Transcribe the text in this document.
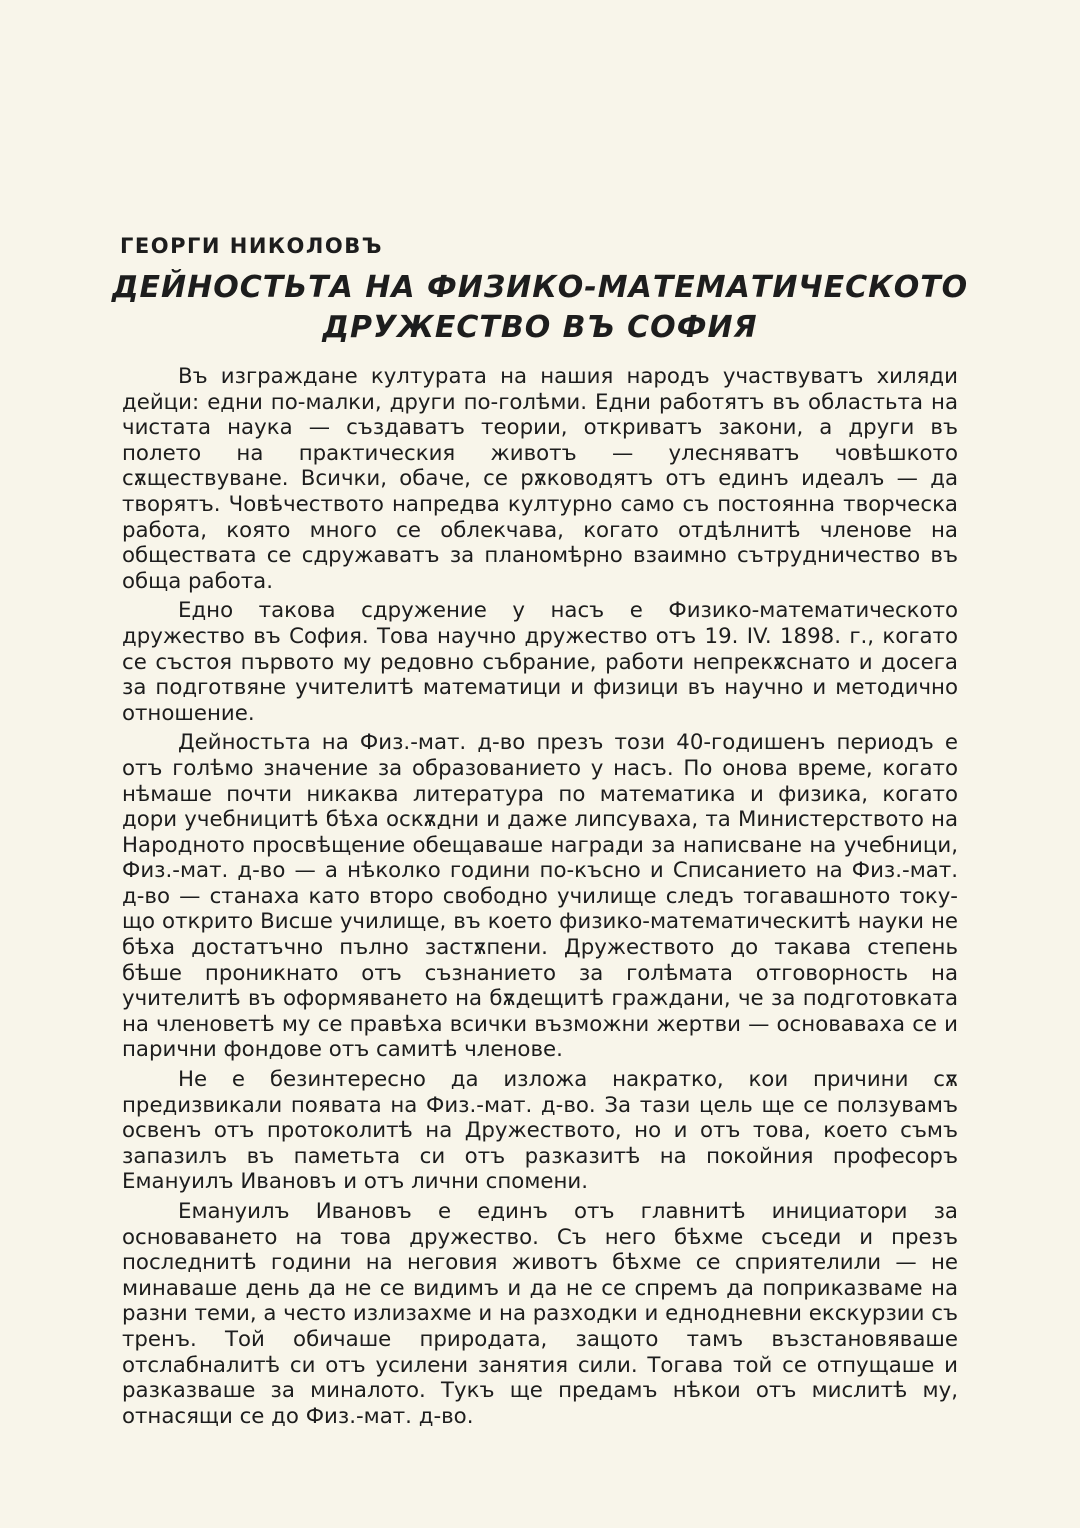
ГЕОРГИ НИКОЛОВЪ
ДЕЙНОСТЬТА НА ФИЗИКО-МАТЕМАТИЧЕСКОТО
ДРУЖЕСТВО ВЪ СОФИЯ

Въ изграждане културата на нашия народъ участвуватъ хиляди дейци: едни по-малки, други по-голѣми. Едни работятъ въ областьта на чистата наука — създаватъ теории, откриватъ закони, а други въ полето на практическия животъ — улесняватъ човѣшкото сѫществуване. Всички, обаче, се рѫководятъ отъ единъ идеалъ — да творятъ. Човѣчеството напредва културно само съ постоянна творческа работа, която много се облекчава, когато отдѣлнитѣ членове на обществата се сдружаватъ за планомѣрно взаимно сътрудничество въ обща работа.

Едно такова сдружение у насъ е Физико-математическото дружество въ София. Това научно дружество отъ 19. IV. 1898. г., когато се състоя първото му редовно събрание, работи непрекѫснато и досега за подготвяне учителитѣ математици и физици въ научно и методично отношение.

Дейностьта на Физ.-мат. д-во презъ този 40-годишенъ периодъ е отъ голѣмо значение за образованието у насъ. По онова време, когато нѣмаше почти никаква литература по математика и физика, когато дори учебницитѣ бѣха оскѫдни и даже липсуваха, та Министерството на Народното просвѣщение обещаваше награди за написване на учебници, Физ.-мат. д-во — а нѣколко години по-късно и Списанието на Физ.-мат. д-во — станаха като второ свободно училище следъ тогавашното току-що открито Висше училище, въ което физико-математическитѣ науки не бѣха достатъчно пълно застѫпени. Дружеството до такава степень бѣше проникнато отъ съзнанието за голѣмата отговорность на учителитѣ въ оформяването на бѫдещитѣ граждани, че за подготовката на членоветѣ му се правѣха всички възможни жертви — основаваха се и парични фондове отъ самитѣ членове.

Не е безинтересно да изложа накратко, кои причини сѫ предизвикали появата на Физ.-мат. д-во. За тази цель ще се ползувамъ освенъ отъ протоколитѣ на Дружеството, но и отъ това, което съмъ запазилъ въ паметьта си отъ разказитѣ на покойния професоръ Емануилъ Ивановъ и отъ лични спомени.

Емануилъ Ивановъ е единъ отъ главнитѣ инициатори за основаването на това дружество. Съ него бѣхме съседи и презъ последнитѣ години на неговия животъ бѣхме се сприятелили — не минаваше день да не се видимъ и да не се спремъ да поприказваме на разни теми, а често излизахме и на разходки и еднодневни екскурзии съ тренъ. Той обичаше природата, защото тамъ възстановяваше отслабналитѣ си отъ усилени занятия сили. Тогава той се отпущаше и разказваше за миналото. Тукъ ще предамъ нѣкои отъ мислитѣ му, отнасящи се до Физ.-мат. д-во.
